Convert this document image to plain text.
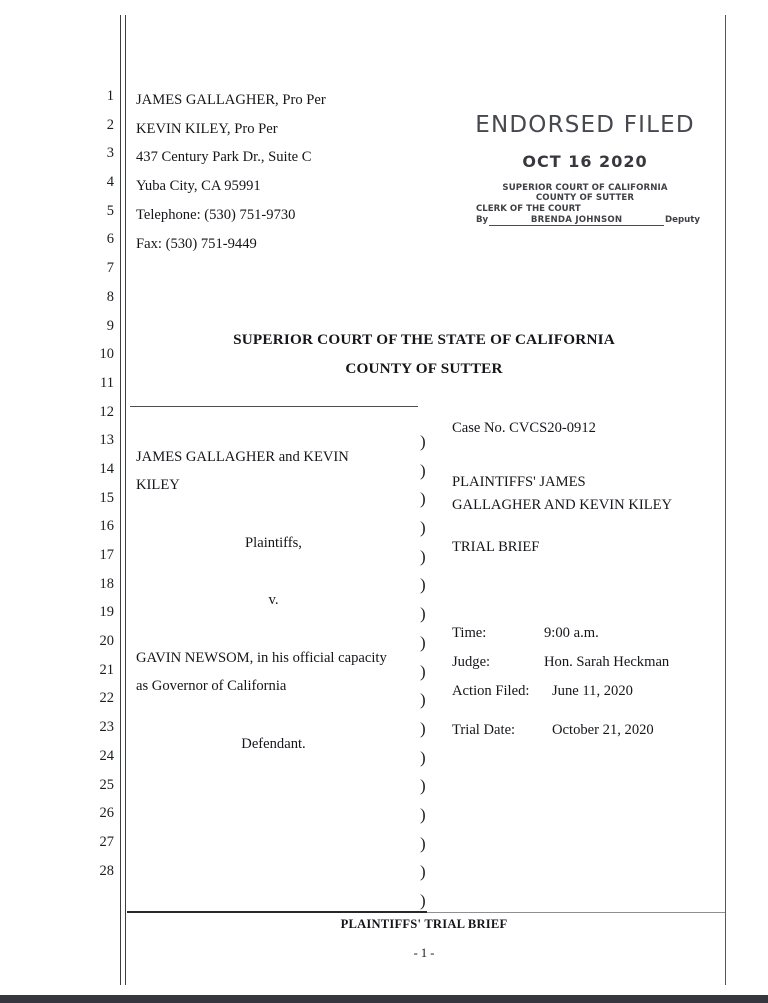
1
2
3
4
5
6
7
8
9
10
11
12
13
14
15
16
17
18
19
20
21
22
23
24
25
26
27
28
JAMES GALLAGHER, Pro Per
KEVIN KILEY, Pro Per
437 Century Park Dr., Suite C
Yuba City, CA 95991
Telephone: (530) 751-9730
Fax: (530) 751-9449
ENDORSED FILED
OCT 16 2020
SUPERIOR COURT OF CALIFORNIA
COUNTY OF SUTTER
CLERK OF THE COURT
By	BRENDA JOHNSON	Deputy
SUPERIOR COURT OF THE STATE OF CALIFORNIA
COUNTY OF SUTTER
JAMES GALLAGHER and KEVIN
KILEY
Plaintiffs,
v.
GAVIN NEWSOM, in his official capacity
as Governor of California
Defendant.
)
)
)
)
)
)
)
)
)
)
)
)
)
)
)
)
)
Case No. CVCS20-0912
PLAINTIFFS' JAMES
GALLAGHER AND KEVIN KILEY
TRIAL BRIEF
Time:	9:00 a.m.
Judge:	Hon. Sarah Heckman
Action Filed:	June 11, 2020
Trial Date:	October 21, 2020
PLAINTIFFS' TRIAL BRIEF
- 1 -
